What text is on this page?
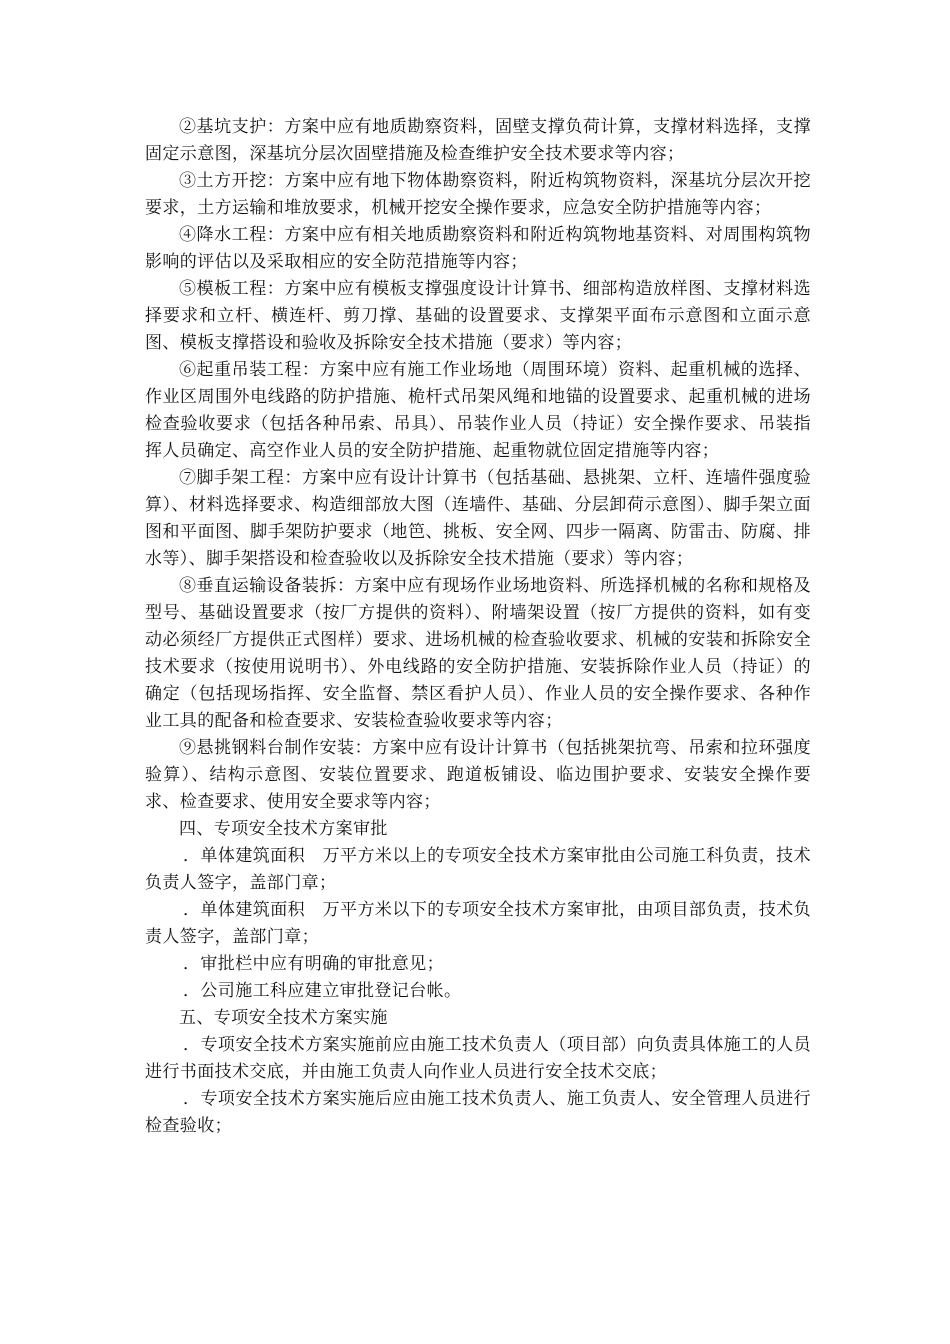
②基坑支护：方案中应有地质勘察资料，固壁支撑负荷计算，支撑材料选择，支撑固定示意图，深基坑分层次固壁措施及检查维护安全技术要求等内容；

③土方开挖：方案中应有地下物体勘察资料，附近构筑物资料，深基坑分层次开挖要求，土方运输和堆放要求，机械开挖安全操作要求，应急安全防护措施等内容；

④降水工程：方案中应有相关地质勘察资料和附近构筑物地基资料、对周围构筑物影响的评估以及采取相应的安全防范措施等内容；

⑤模板工程：方案中应有模板支撑强度设计计算书、细部构造放样图、支撑材料选择要求和立杆、横连杆、剪刀撑、基础的设置要求、支撑架平面布示意图和立面示意图、模板支撑搭设和验收及拆除安全技术措施（要求）等内容；

⑥起重吊装工程：方案中应有施工作业场地（周围环境）资料、起重机械的选择、作业区周围外电线路的防护措施、桅杆式吊架风绳和地锚的设置要求、起重机械的进场检查验收要求（包括各种吊索、吊具）、吊装作业人员（持证）安全操作要求、吊装指挥人员确定、高空作业人员的安全防护措施、起重物就位固定措施等内容；

⑦脚手架工程：方案中应有设计计算书（包括基础、悬挑架、立杆、连墙件强度验算）、材料选择要求、构造细部放大图（连墙件、基础、分层卸荷示意图）、脚手架立面图和平面图、脚手架防护要求（地笆、挑板、安全网、四步一隔离、防雷击、防腐、排水等）、脚手架搭设和检查验收以及拆除安全技术措施（要求）等内容；

⑧垂直运输设备装拆：方案中应有现场作业场地资料、所选择机械的名称和规格及型号、基础设置要求（按厂方提供的资料）、附墙架设置（按厂方提供的资料，如有变动必须经厂方提供正式图样）要求、进场机械的检查验收要求、机械的安装和拆除安全技术要求（按使用说明书）、外电线路的安全防护措施、安装拆除作业人员（持证）的确定（包括现场指挥、安全监督、禁区看护人员）、作业人员的安全操作要求、各种作业工具的配备和检查要求、安装检查验收要求等内容；

⑨悬挑钢料台制作安装：方案中应有设计计算书（包括挑架抗弯、吊索和拉环强度验算）、结构示意图、安装位置要求、跑道板铺设、临边围护要求、安装安全操作要求、检查要求、使用安全要求等内容；

四、专项安全技术方案审批

．单体建筑面积　万平方米以上的专项安全技术方案审批由公司施工科负责，技术负责人签字，盖部门章；

．单体建筑面积　万平方米以下的专项安全技术方案审批，由项目部负责，技术负责人签字，盖部门章；

．审批栏中应有明确的审批意见；

．公司施工科应建立审批登记台帐。

五、专项安全技术方案实施

．专项安全技术方案实施前应由施工技术负责人（项目部）向负责具体施工的人员进行书面技术交底，并由施工负责人向作业人员进行安全技术交底；

．专项安全技术方案实施后应由施工技术负责人、施工负责人、安全管理人员进行检查验收；
